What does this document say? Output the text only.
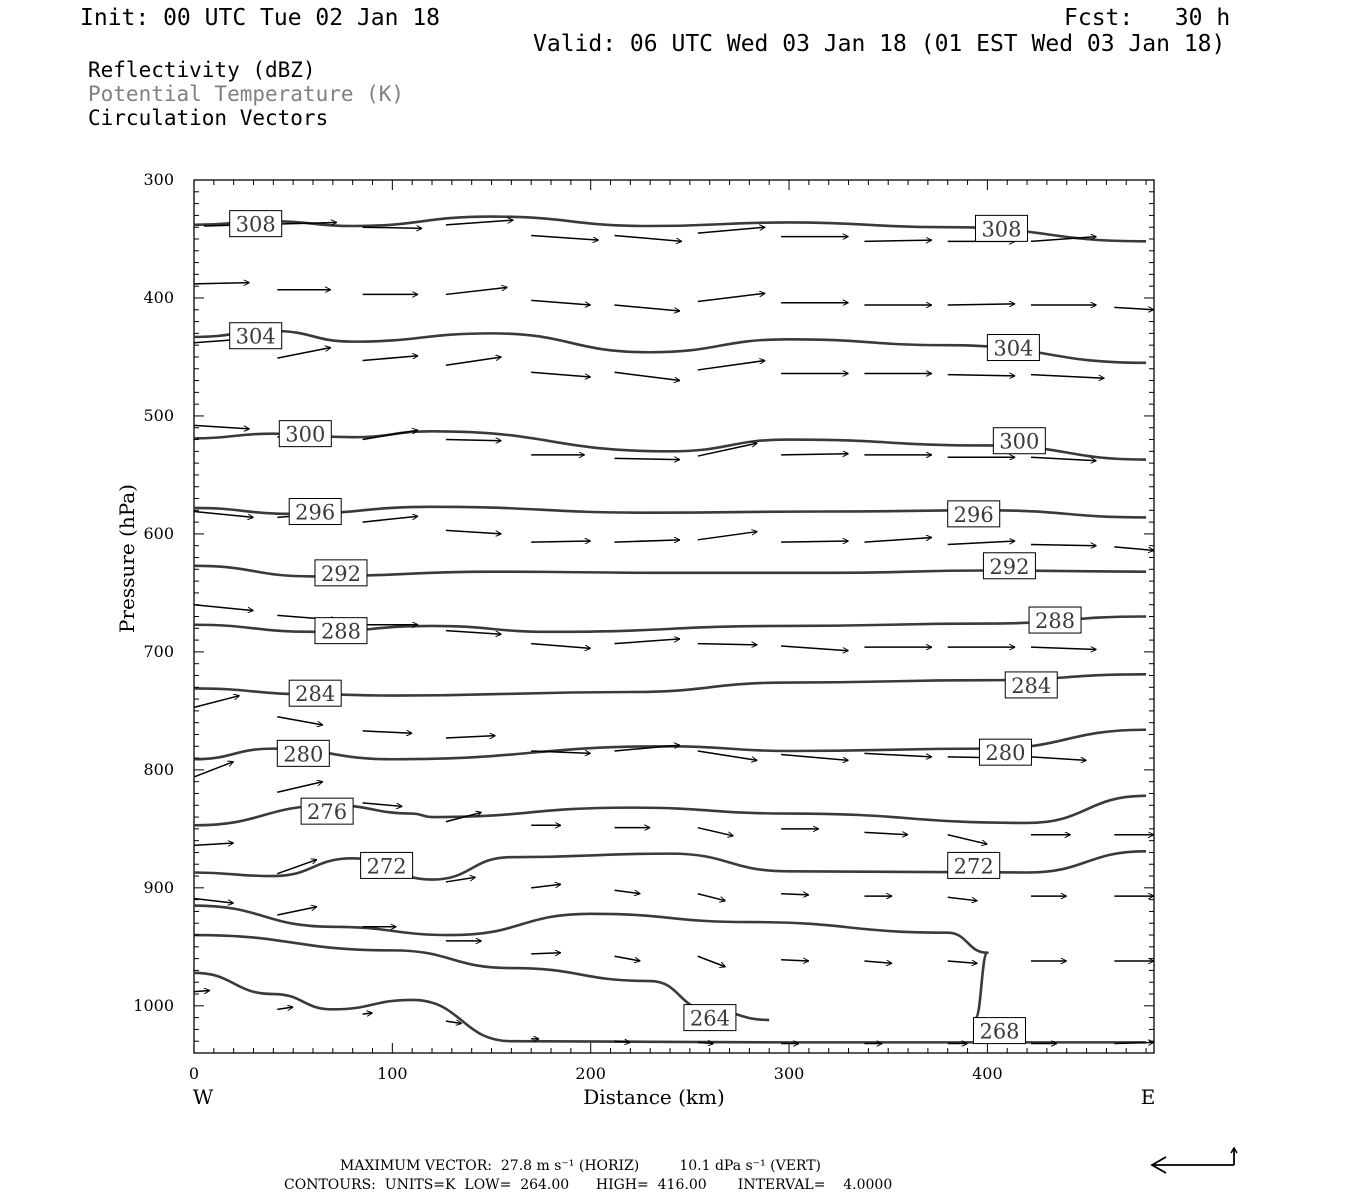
Init: 00 UTC Tue 02 Jan 18	Fcst:   30 h
Valid: 06 UTC Wed 03 Jan 18 (01 EST Wed 03 Jan 18)
Reflectivity (dBZ)
Potential Temperature (K)
Circulation Vectors
308	308
304	304
300	300
296	296
292	292
288	288
284	284
280	280
276
272	272
268
264
0	100	200	300	400
300
400
500
600
700
800
900
1000
Distance (km)
Pressure (hPa)
W	E
MAXIMUM VECTOR:  27.8 m s⁻¹ (HORIZ)         10.1 dPa s⁻¹ (VERT)
CONTOURS:  UNITS=K  LOW=  264.00      HIGH=  416.00       INTERVAL=    4.0000
